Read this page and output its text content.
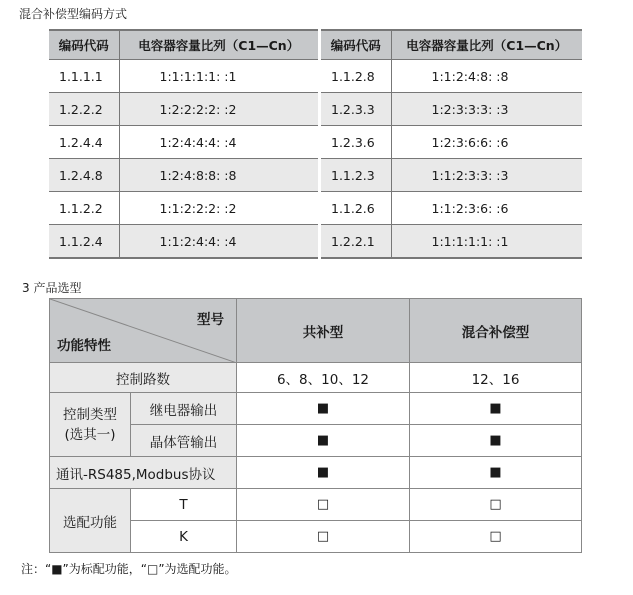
混合补偿型编码方式
编码代码	电容器容量比列（C1—Cn）
1.1.1.1	1:1:1:1:1: :1
1.2.2.2	1:2:2:2:2: :2
1.2.4.4	1:2:4:4:4: :4
1.2.4.8	1:2:4:8:8: :8
1.1.2.2	1:1:2:2:2: :2
1.1.2.4	1:1:2:4:4: :4
编码代码	电容器容量比列（C1—Cn）
1.1.2.8	1:1:2:4:8: :8
1.2.3.3	1:2:3:3:3: :3
1.2.3.6	1:2:3:6:6: :6
1.1.2.3	1:1:2:3:3: :3
1.1.2.6	1:1:2:3:6: :6
1.2.2.1	1:1:1:1:1: :1
3 产品选型
型号
功能特性		共补型	混合补偿型
控制路数		6、8、10、12	12、16
控制类型
(选其一)	继电器输出	■	■
	晶体管输出	■	■
通讯-RS485,Modbus协议		■	■
选配功能	T	□	□
	K	□	□
注：“■”为标配功能，“□”为选配功能。
